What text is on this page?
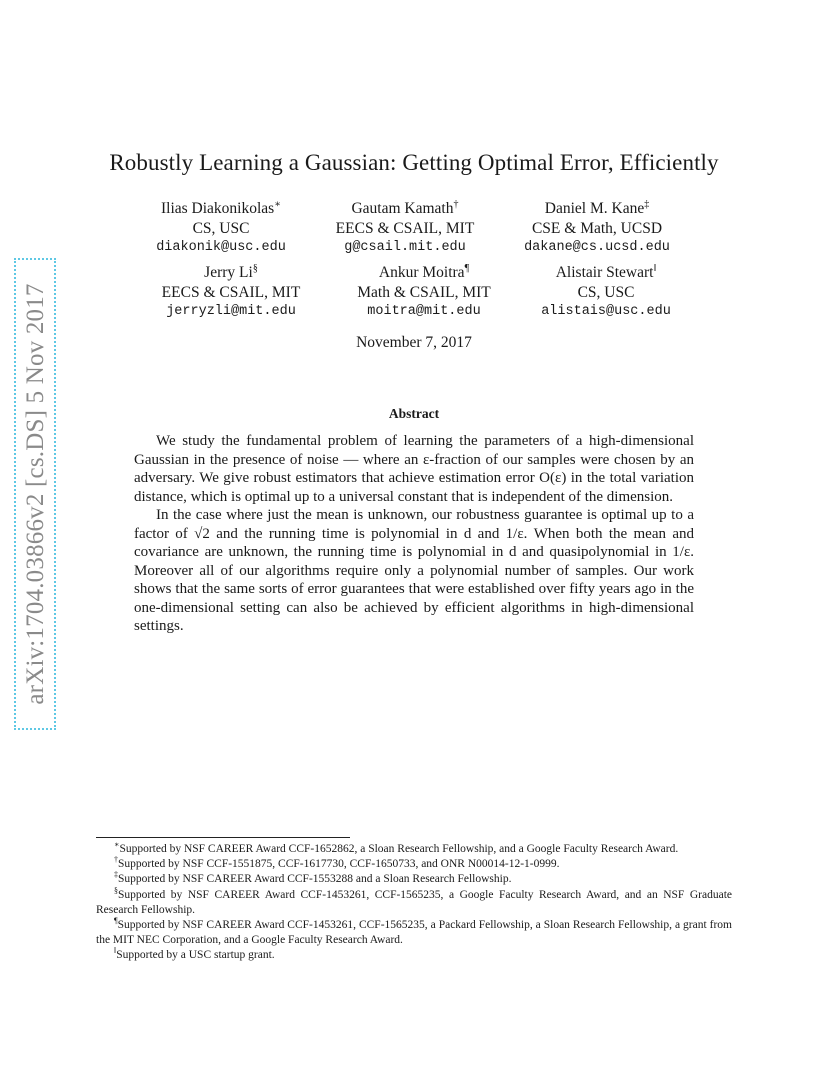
arXiv:1704.03866v2 [cs.DS] 5 Nov 2017
Robustly Learning a Gaussian: Getting Optimal Error, Efficiently
Ilias Diakonikolas∗
CS, USC
diakonik@usc.edu
Gautam Kamath†
EECS & CSAIL, MIT
g@csail.mit.edu
Daniel M. Kane‡
CSE & Math, UCSD
dakane@cs.ucsd.edu
Jerry Li§
EECS & CSAIL, MIT
jerryzli@mit.edu
Ankur Moitra¶
Math & CSAIL, MIT
moitra@mit.edu
Alistair Stewart‖
CS, USC
alistais@usc.edu
November 7, 2017
Abstract

We study the fundamental problem of learning the parameters of a high-dimensional Gaussian in the presence of noise — where an ε-fraction of our samples were chosen by an adversary. We give robust estimators that achieve estimation error O(ε) in the total variation distance, which is optimal up to a universal constant that is independent of the dimension.

In the case where just the mean is unknown, our robustness guarantee is optimal up to a factor of √2 and the running time is polynomial in d and 1/ε. When both the mean and covariance are unknown, the running time is polynomial in d and quasipolynomial in 1/ε. Moreover all of our algorithms require only a polynomial number of samples. Our work shows that the same sorts of error guarantees that were established over fifty years ago in the one-dimensional setting can also be achieved by efficient algorithms in high-dimensional settings.

∗Supported by NSF CAREER Award CCF-1652862, a Sloan Research Fellowship, and a Google Faculty Research Award.

†Supported by NSF CCF-1551875, CCF-1617730, CCF-1650733, and ONR N00014-12-1-0999.

‡Supported by NSF CAREER Award CCF-1553288 and a Sloan Research Fellowship.

§Supported by NSF CAREER Award CCF-1453261, CCF-1565235, a Google Faculty Research Award, and an NSF Graduate Research Fellowship.

¶Supported by NSF CAREER Award CCF-1453261, CCF-1565235, a Packard Fellowship, a Sloan Research Fellowship, a grant from the MIT NEC Corporation, and a Google Faculty Research Award.

‖Supported by a USC startup grant.
